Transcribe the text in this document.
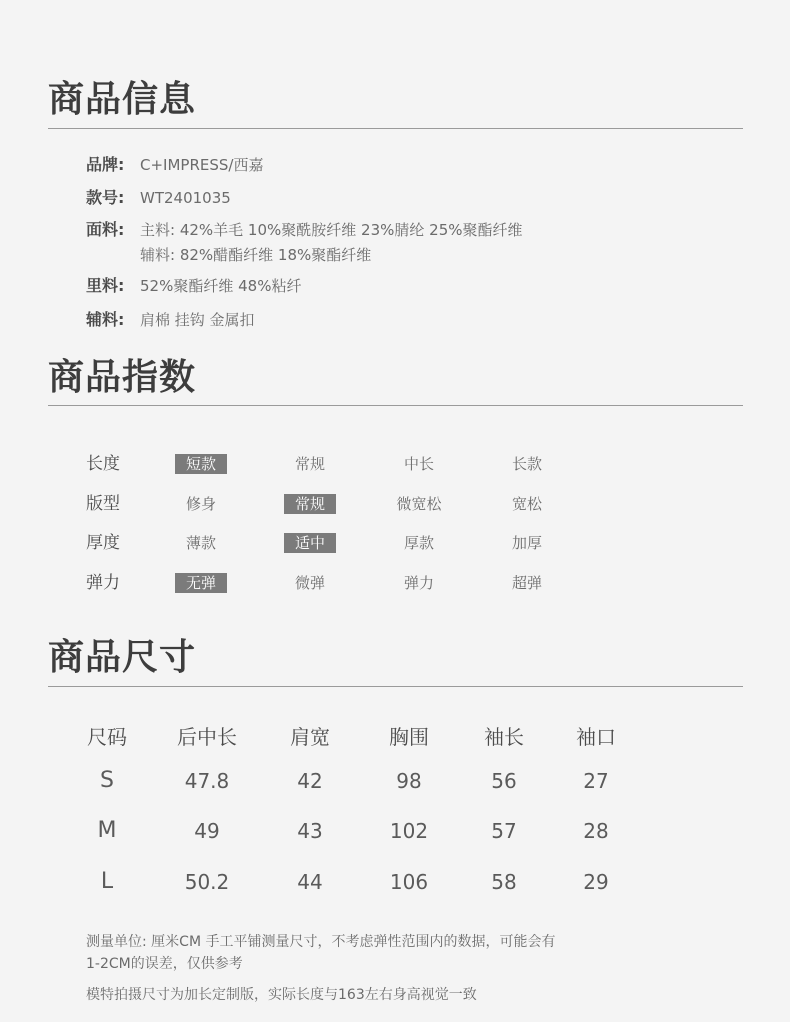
商品信息
品牌: C+IMPRESS/西嘉
款号: WT2401035
面料: 主料: 42%羊毛 10%聚酰胺纤维 23%腈纶 25%聚酯纤维
辅料: 82%醋酯纤维 18%聚酯纤维
里料: 52%聚酯纤维 48%粘纤
辅料: 肩棉 挂钩 金属扣
商品指数
长度	短款	常规	中长	长款
版型	修身	常规	微宽松	宽松
厚度	薄款	适中	厚款	加厚
弹力	无弹	微弹	弹力	超弹
商品尺寸
尺码	后中长	肩宽	胸围	袖长	袖口
S	47.8	42	98	56	27
M	49	43	102	57	28
L	50.2	44	106	58	29
测量单位: 厘米CM 手工平铺测量尺寸，不考虑弹性范围内的数据，可能会有
1-2CM的误差，仅供参考
模特拍摄尺寸为加长定制版，实际长度与163左右身高视觉一致
